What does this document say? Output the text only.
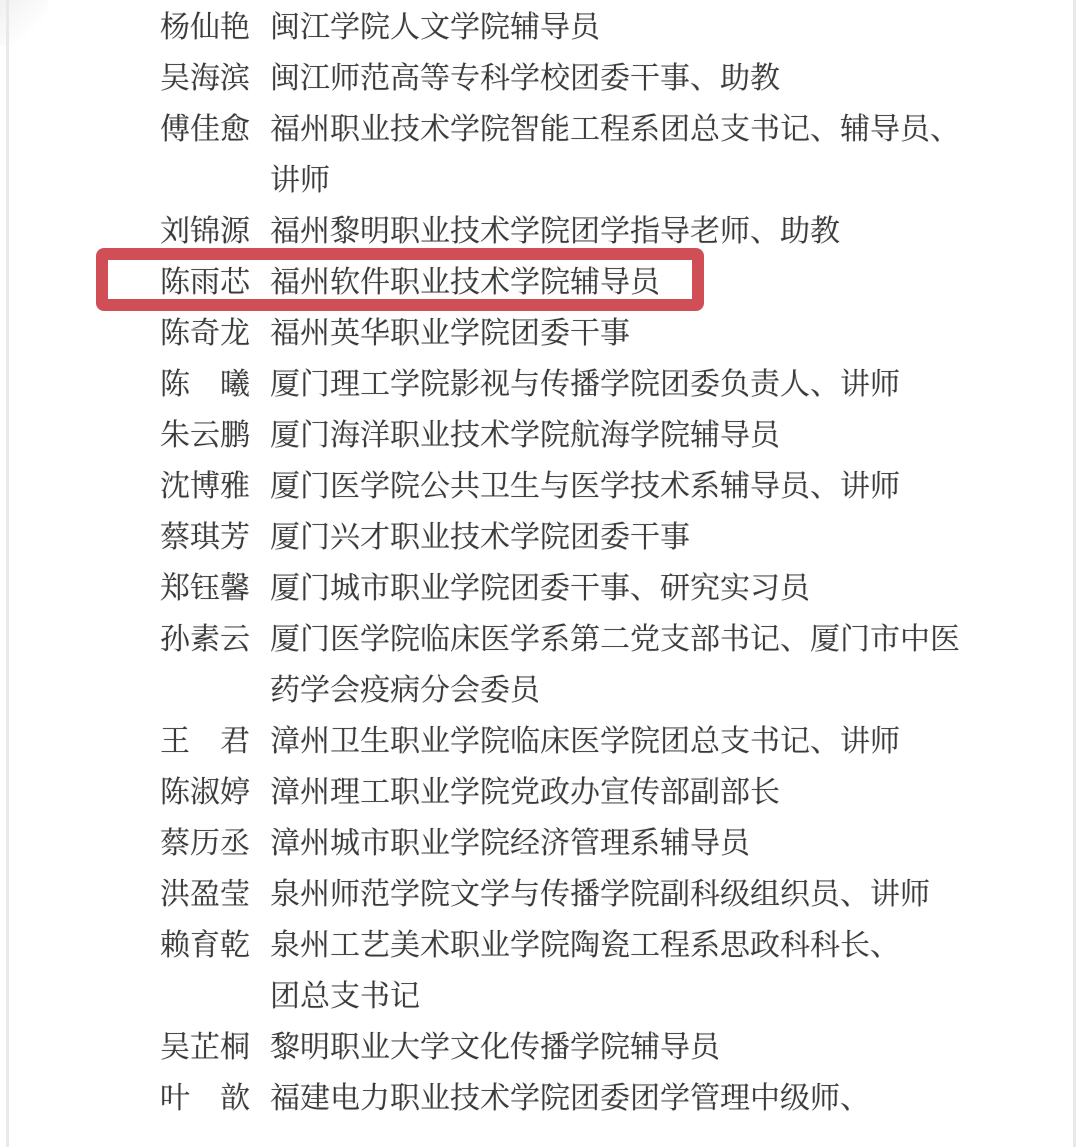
杨仙艳 闽江学院人文学院辅导员
吴海滨 闽江师范高等专科学校团委干事、助教
傅佳愈 福州职业技术学院智能工程系团总支书记、辅导员、
讲师
刘锦源 福州黎明职业技术学院团学指导老师、助教
陈雨芯 福州软件职业技术学院辅导员
陈奇龙 福州英华职业学院团委干事
陈　曦 厦门理工学院影视与传播学院团委负责人、讲师
朱云鹏 厦门海洋职业技术学院航海学院辅导员
沈博雅 厦门医学院公共卫生与医学技术系辅导员、讲师
蔡琪芳 厦门兴才职业技术学院团委干事
郑钰馨 厦门城市职业学院团委干事、研究实习员
孙素云 厦门医学院临床医学系第二党支部书记、厦门市中医
药学会疫病分会委员
王　君 漳州卫生职业学院临床医学院团总支书记、讲师
陈淑婷 漳州理工职业学院党政办宣传部副部长
蔡历丞 漳州城市职业学院经济管理系辅导员
洪盈莹 泉州师范学院文学与传播学院副科级组织员、讲师
赖育乾 泉州工艺美术职业学院陶瓷工程系思政科科长、
团总支书记
吴芷桐 黎明职业大学文化传播学院辅导员
叶　歆 福建电力职业技术学院团委团学管理中级师、
